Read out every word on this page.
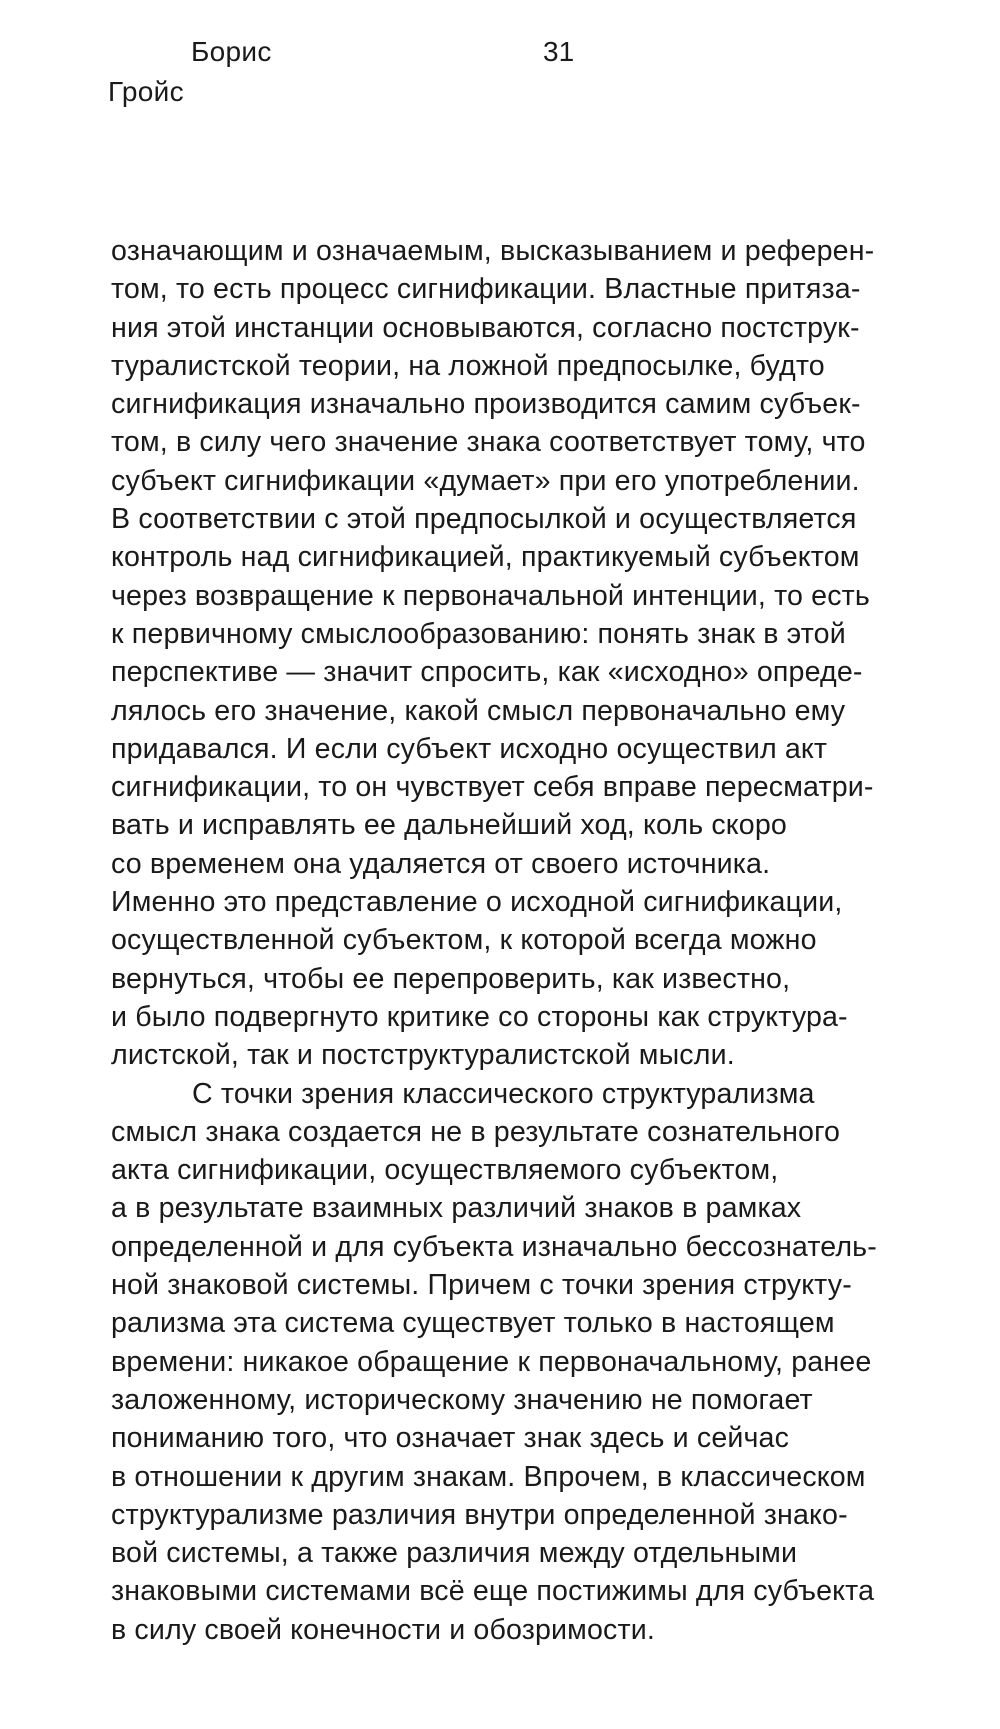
Борис
Гройс
31
означающим и означаемым, высказыванием и референ-
том, то есть процесс сигнификации. Властные притяза-
ния этой инстанции основываются, согласно постструк-
туралистской теории, на ложной предпосылке, будто
сигнификация изначально производится самим субъек-
том, в силу чего значение знака соответствует тому, что
субъект сигнификации «думает» при его употреблении.
В соответствии с этой предпосылкой и осуществляется
контроль над сигнификацией, практикуемый субъектом
через возвращение к первоначальной интенции, то есть
к первичному смыслообразованию: понять знак в этой
перспективе — значит спросить, как «исходно» опреде-
лялось его значение, какой смысл первоначально ему
придавался. И если субъект исходно осуществил акт
сигнификации, то он чувствует себя вправе пересматри-
вать и исправлять ее дальнейший ход, коль скоро
со временем она удаляется от своего источника.
Именно это представление о исходной сигнификации,
осуществленной субъектом, к которой всегда можно
вернуться, чтобы ее перепроверить, как известно,
и было подвергнуто критике со стороны как структура-
листской, так и постструктуралистской мысли.
С точки зрения классического структурализма
смысл знака создается не в результате сознательного
акта сигнификации, осуществляемого субъектом,
а в результате взаимных различий знаков в рамках
определенной и для субъекта изначально бессознатель-
ной знаковой системы. Причем с точки зрения структу-
рализма эта система существует только в настоящем
времени: никакое обращение к первоначальному, ранее
заложенному, историческому значению не помогает
пониманию того, что означает знак здесь и сейчас
в отношении к другим знакам. Впрочем, в классическом
структурализме различия внутри определенной знако-
вой системы, а также различия между отдельными
знаковыми системами всё еще постижимы для субъекта
в силу своей конечности и обозримости.
